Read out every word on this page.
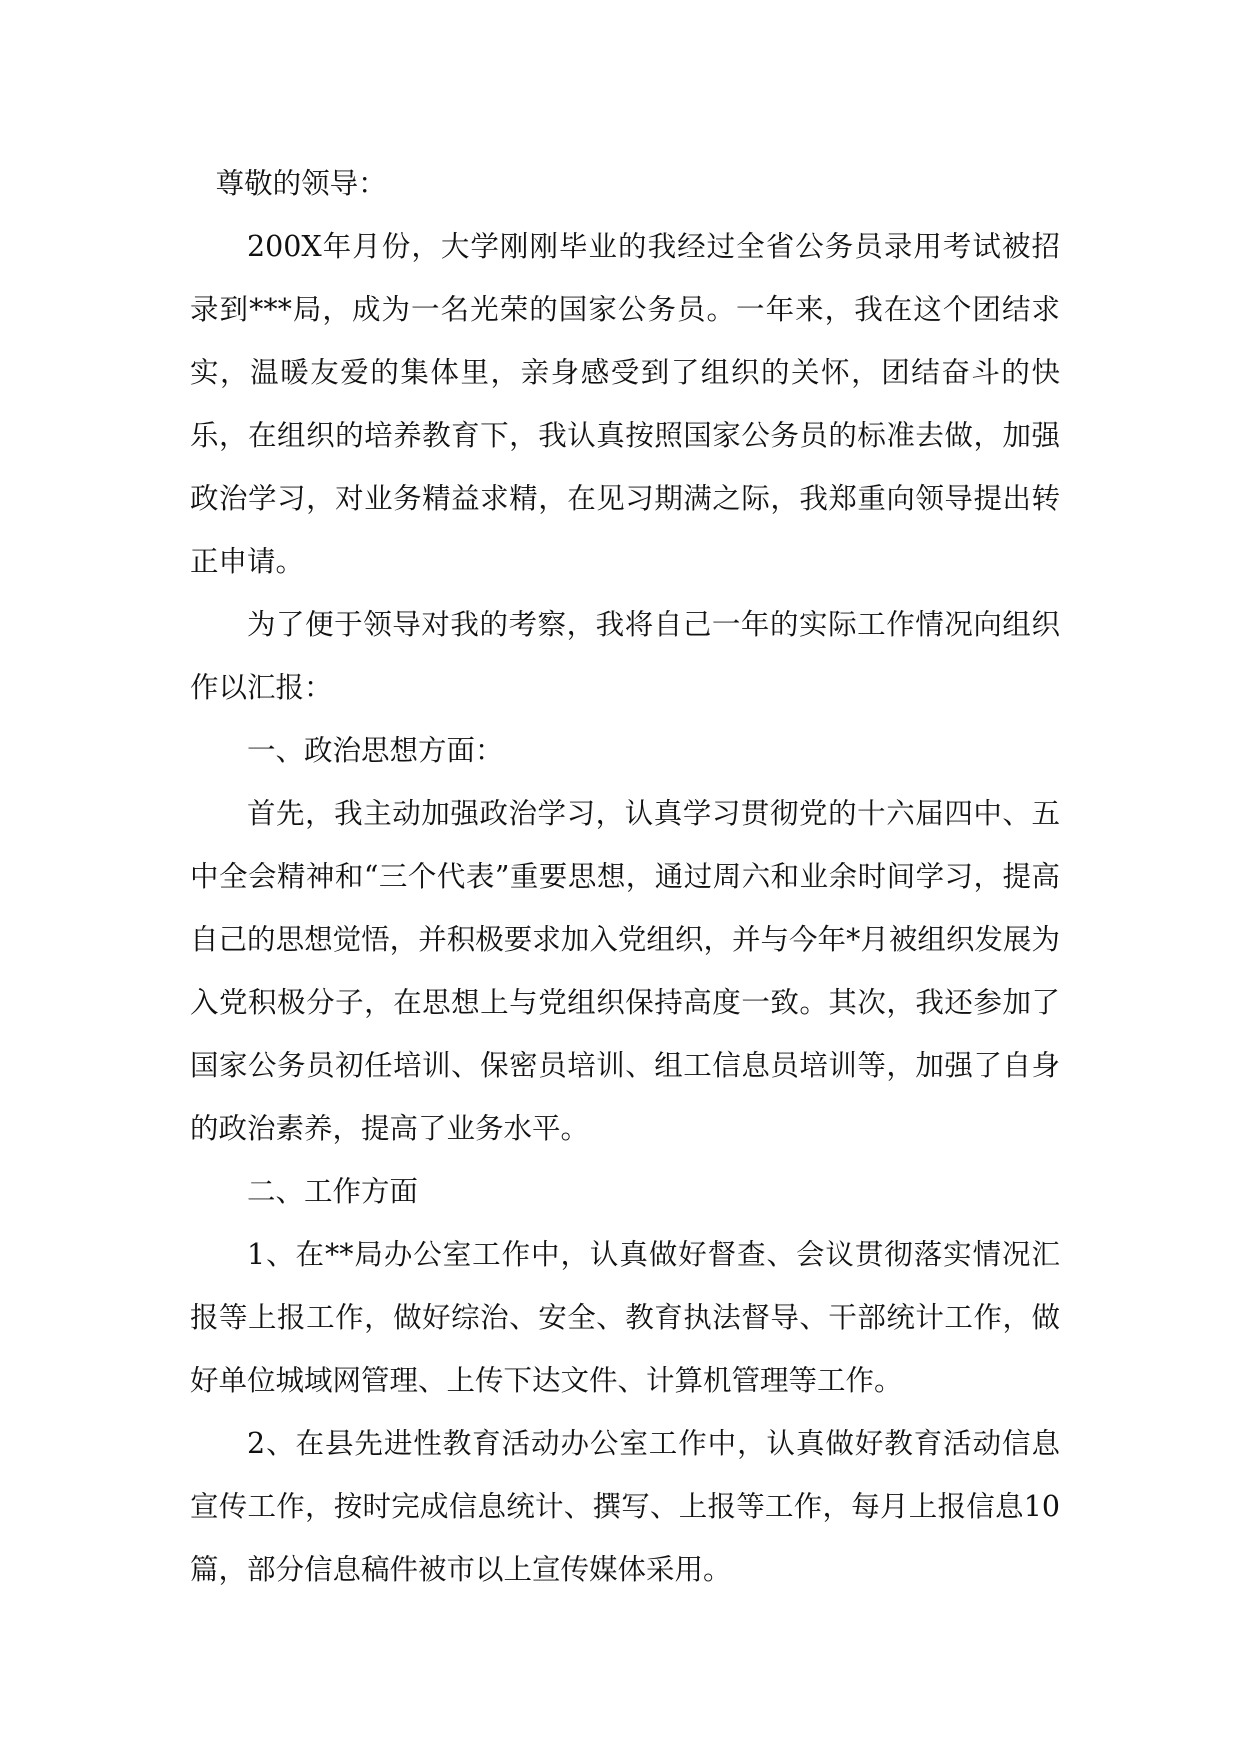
尊敬的领导：

200X年月份，大学刚刚毕业的我经过全省公务员录用考试被招录到***局，成为一名光荣的国家公务员。一年来，我在这个团结求实，温暖友爱的集体里，亲身感受到了组织的关怀，团结奋斗的快乐，在组织的培养教育下，我认真按照国家公务员的标准去做，加强政治学习，对业务精益求精，在见习期满之际，我郑重向领导提出转正申请。

为了便于领导对我的考察，我将自己一年的实际工作情况向组织作以汇报：

一、政治思想方面：

首先，我主动加强政治学习，认真学习贯彻党的十六届四中、五中全会精神和“三个代表”重要思想，通过周六和业余时间学习，提高自己的思想觉悟，并积极要求加入党组织，并与今年*月被组织发展为入党积极分子，在思想上与党组织保持高度一致。其次，我还参加了国家公务员初任培训、保密员培训、组工信息员培训等，加强了自身的政治素养，提高了业务水平。

二、工作方面

1、在**局办公室工作中，认真做好督查、会议贯彻落实情况汇报等上报工作，做好综治、安全、教育执法督导、干部统计工作，做好单位城域网管理、上传下达文件、计算机管理等工作。

2、在县先进性教育活动办公室工作中，认真做好教育活动信息宣传工作，按时完成信息统计、撰写、上报等工作，每月上报信息10篇，部分信息稿件被市以上宣传媒体采用。
